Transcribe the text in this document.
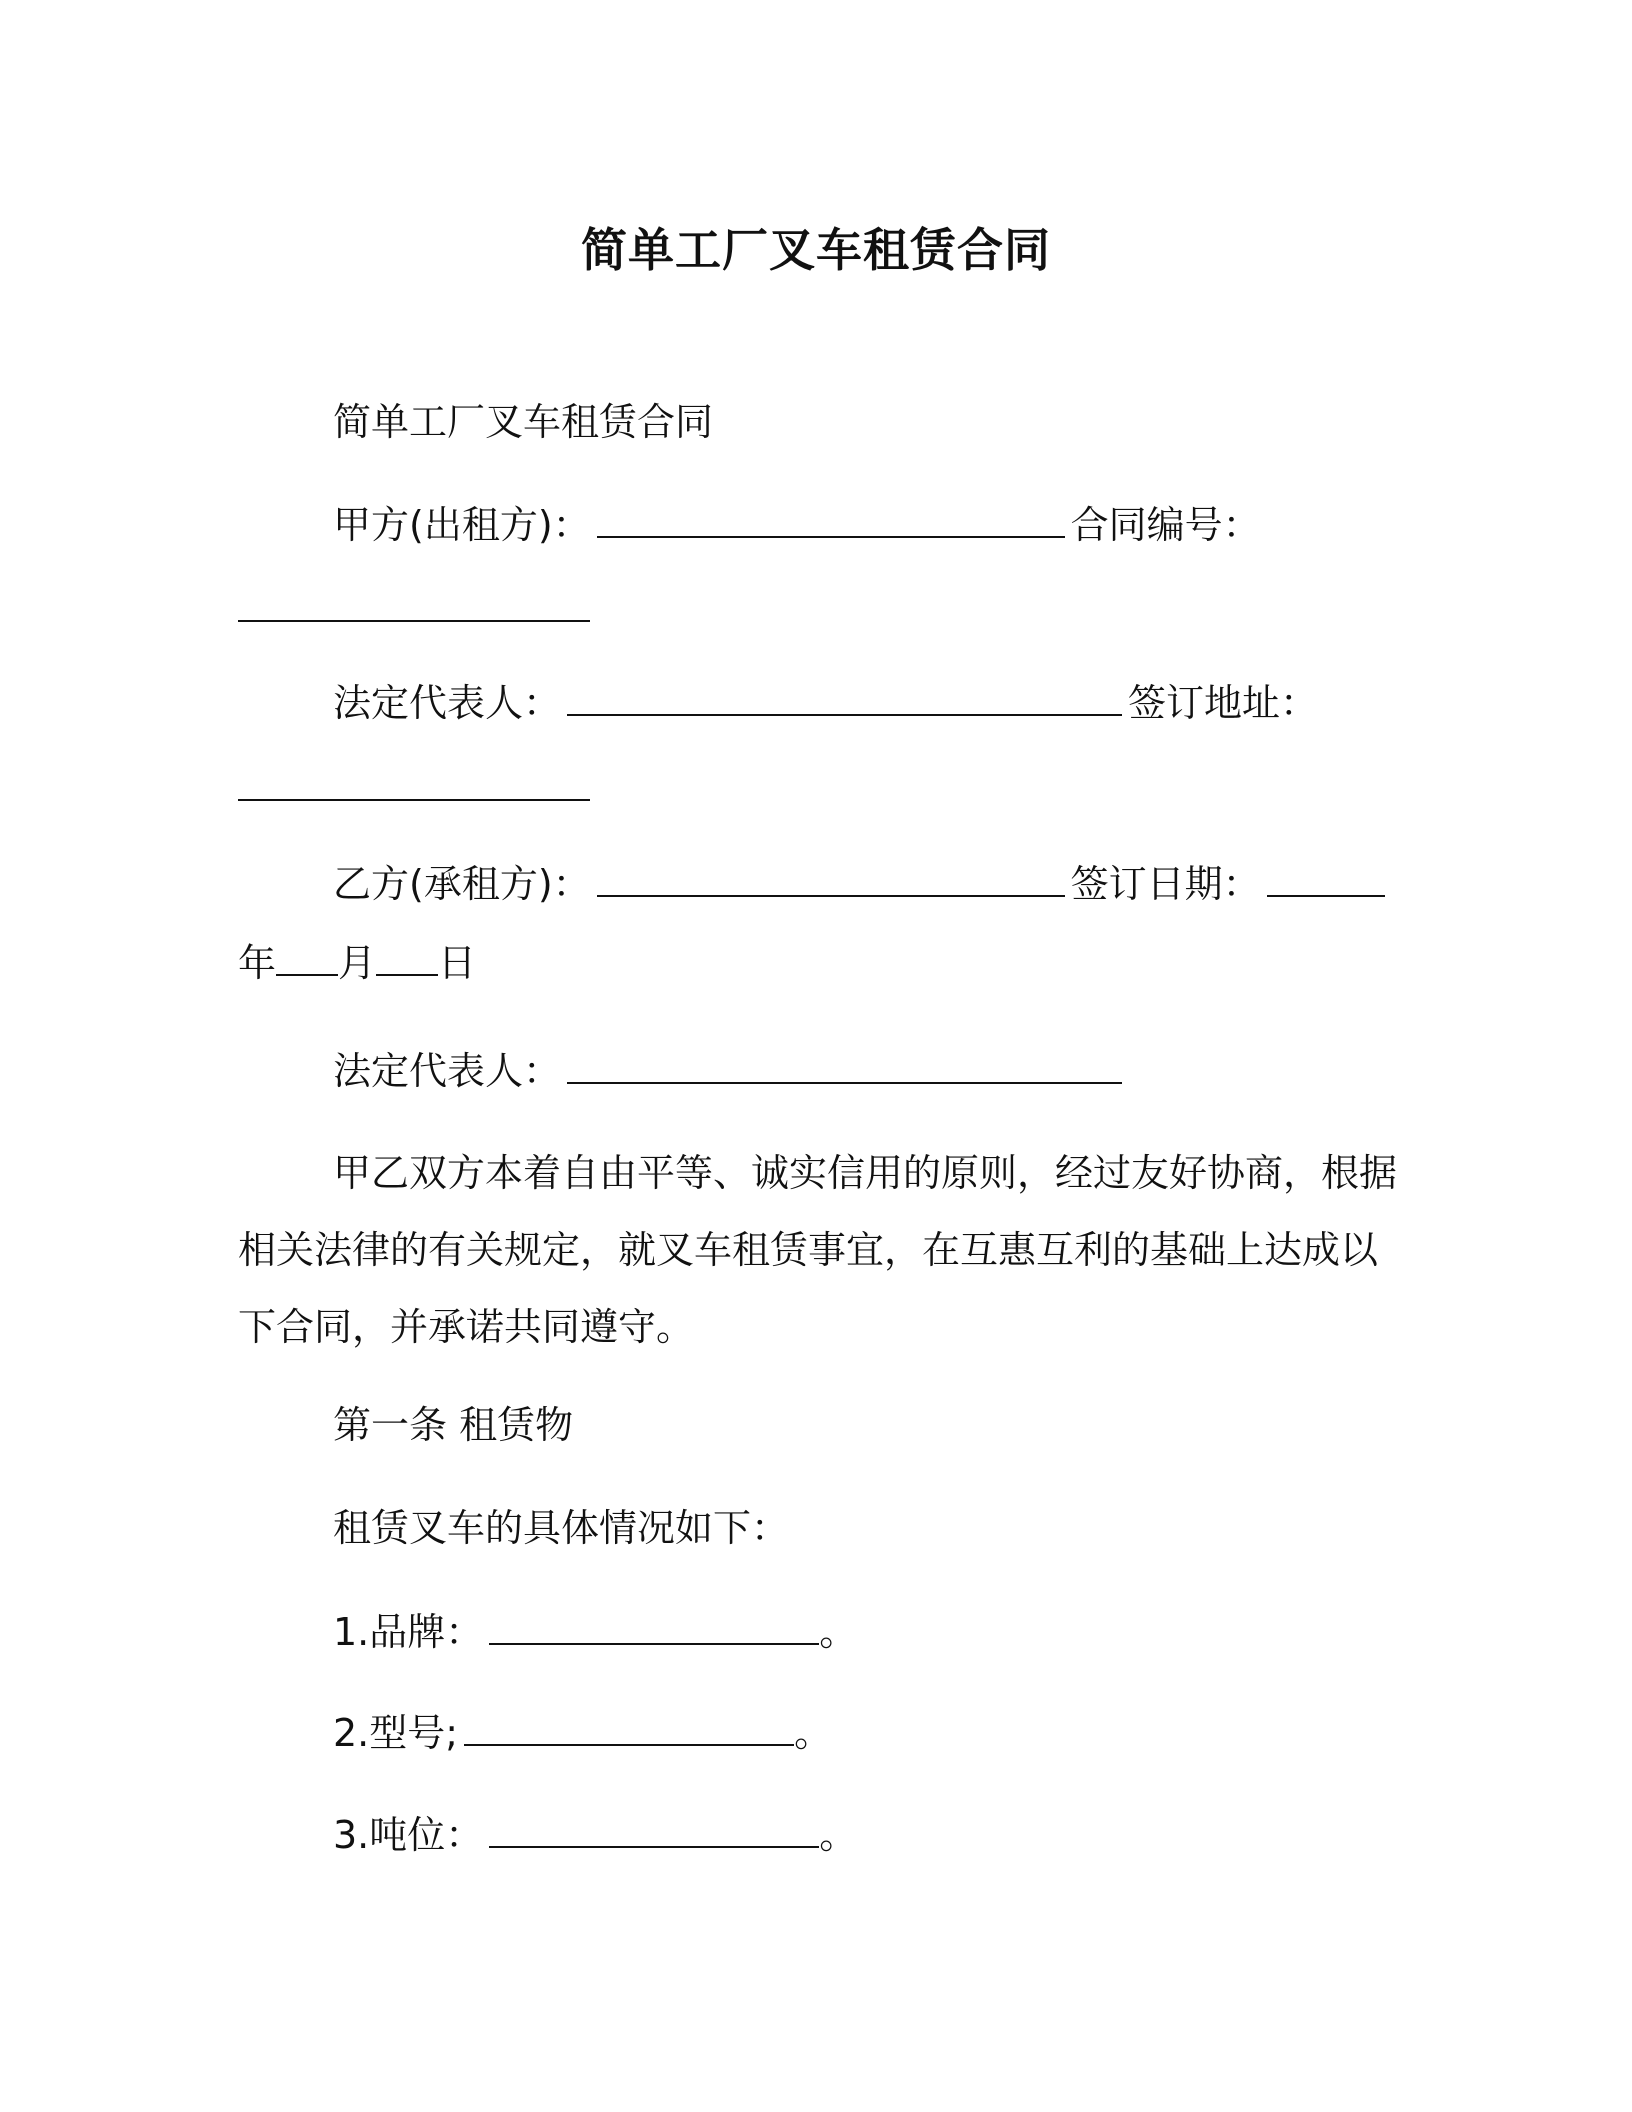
简单工厂叉车租赁合同
简单工厂叉车租赁合同
甲方(出租方)：	合同编号：
法定代表人：	签订地址：
乙方(承租方)：	签订日期：
年 月 日
法定代表人：
甲乙双方本着自由平等、诚实信用的原则，经过友好协商，根据
相关法律的有关规定，就叉车租赁事宜，在互惠互利的基础上达成以
下合同，并承诺共同遵守。
第一条 租赁物
租赁叉车的具体情况如下：
1.品牌：	。
2.型号;	。
3.吨位：	。
